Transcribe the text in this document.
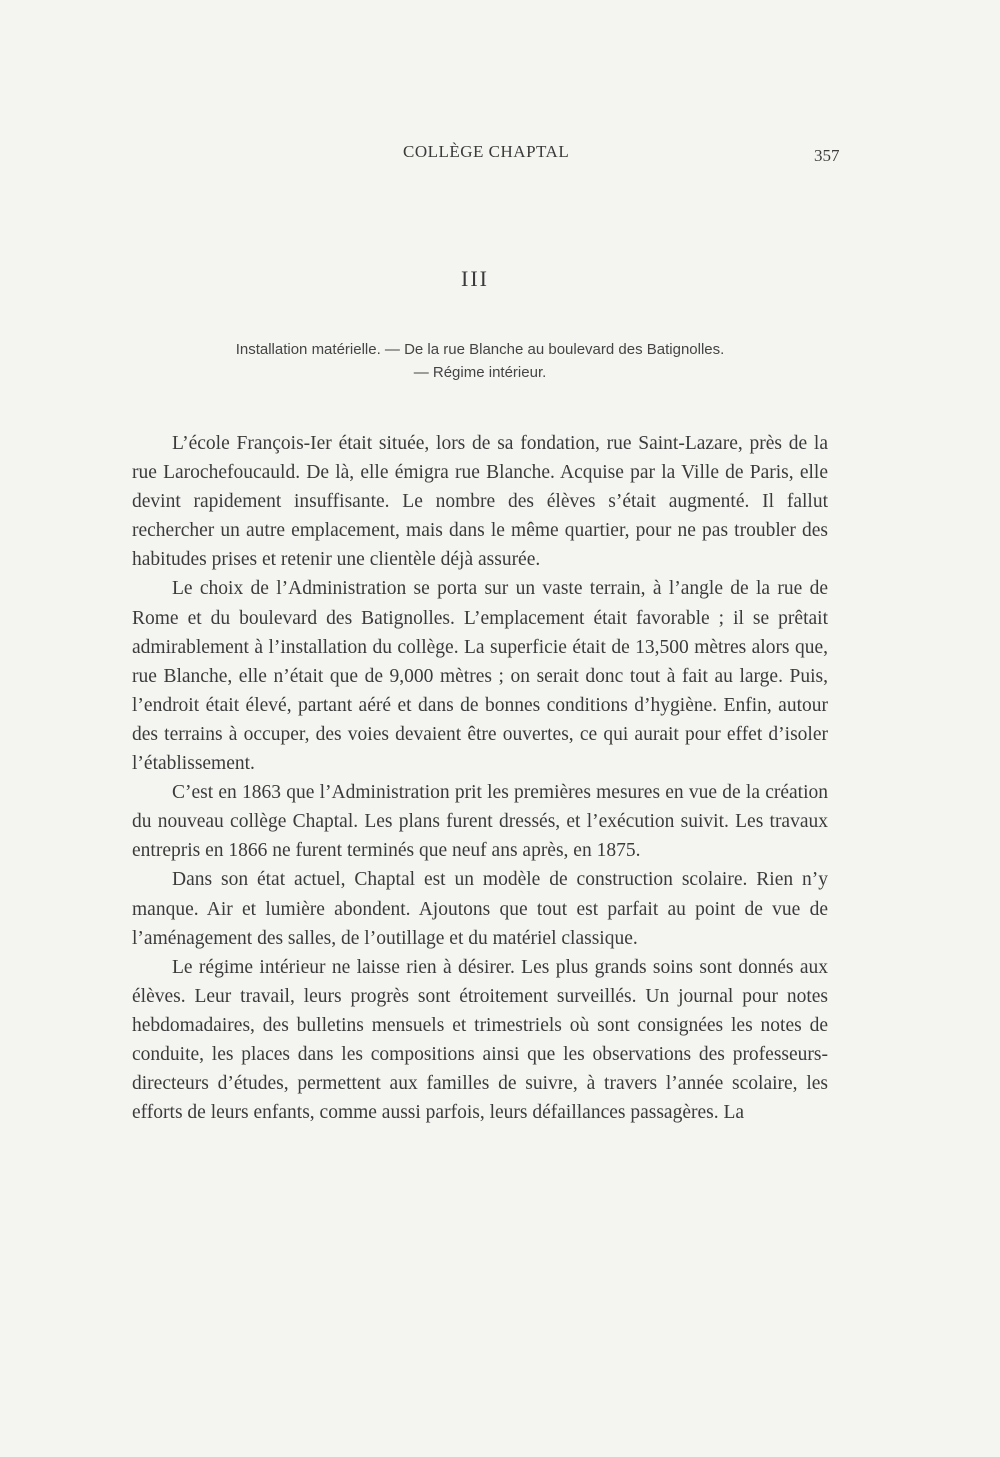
COLLÈGE CHAPTAL	357
III
Installation matérielle. — De la rue Blanche au boulevard des Batignolles.
— Régime intérieur.

L’école François-Ier était située, lors de sa fondation, rue Saint-Lazare, près de la rue Larochefoucauld. De là, elle émigra rue Blanche. Acquise par la Ville de Paris, elle devint rapidement insuffisante. Le nombre des élèves s’était augmenté. Il fallut rechercher un autre emplacement, mais dans le même quartier, pour ne pas troubler des habitudes prises et retenir une clientèle déjà assurée.

Le choix de l’Administration se porta sur un vaste terrain, à l’angle de la rue de Rome et du boulevard des Batignolles. L’emplacement était favorable ; il se prêtait admirablement à l’installation du collège. La superficie était de 13,500 mètres alors que, rue Blanche, elle n’était que de 9,000 mètres ; on serait donc tout à fait au large. Puis, l’endroit était élevé, partant aéré et dans de bonnes conditions d’hygiène. Enfin, autour des terrains à occuper, des voies devaient être ouvertes, ce qui aurait pour effet d’isoler l’établissement.

C’est en 1863 que l’Administration prit les premières mesures en vue de la création du nouveau collège Chaptal. Les plans furent dressés, et l’exécution suivit. Les travaux entrepris en 1866 ne furent terminés que neuf ans après, en 1875.

Dans son état actuel, Chaptal est un modèle de construction scolaire. Rien n’y manque. Air et lumière abondent. Ajoutons que tout est parfait au point de vue de l’aménagement des salles, de l’outillage et du matériel classique.

Le régime intérieur ne laisse rien à désirer. Les plus grands soins sont donnés aux élèves. Leur travail, leurs progrès sont étroitement surveillés. Un journal pour notes hebdomadaires, des bulletins mensuels et trimestriels où sont consignées les notes de conduite, les places dans les compositions ainsi que les observations des professeurs-directeurs d’études, permettent aux familles de suivre, à travers l’année scolaire, les efforts de leurs enfants, comme aussi parfois, leurs défaillances passagères. La
